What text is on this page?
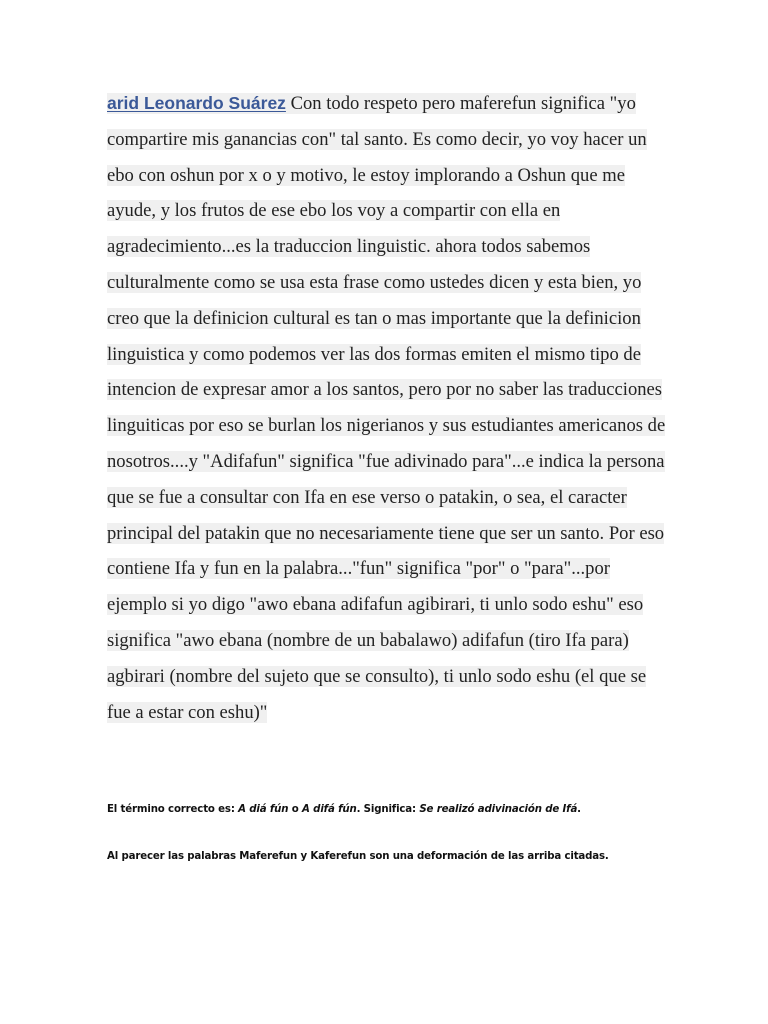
arid Leonardo Suárez Con todo respeto pero maferefun significa "yo compartire mis ganancias con" tal santo. Es como decir, yo voy hacer un ebo con oshun por x o y motivo, le estoy implorando a Oshun que me ayude, y los frutos de ese ebo los voy a compartir con ella en agradecimiento...es la traduccion linguistic. ahora todos sabemos culturalmente como se usa esta frase como ustedes dicen y esta bien, yo creo que la definicion cultural es tan o mas importante que la definicion linguistica y como podemos ver las dos formas emiten el mismo tipo de intencion de expresar amor a los santos, pero por no saber las traducciones linguiticas por eso se burlan los nigerianos y sus estudiantes americanos de nosotros....y "Adifafun" significa "fue adivinado para"...e indica la persona que se fue a consultar con Ifa en ese verso o patakin, o sea, el caracter principal del patakin que no necesariamente tiene que ser un santo. Por eso contiene Ifa y fun en la palabra..."fun" significa "por" o "para"...por ejemplo si yo digo "awo ebana adifafun agibirari, ti unlo sodo eshu" eso significa "awo ebana (nombre de un babalawo) adifafun (tiro Ifa para) agbirari (nombre del sujeto que se consulto), ti unlo sodo eshu (el que se fue a estar con eshu)"

El término correcto es: A diá fún o A difá fún. Significa: Se realizó adivinación de Ifá.

Al parecer las palabras Maferefun y Kaferefun son una deformación de las arriba citadas.
